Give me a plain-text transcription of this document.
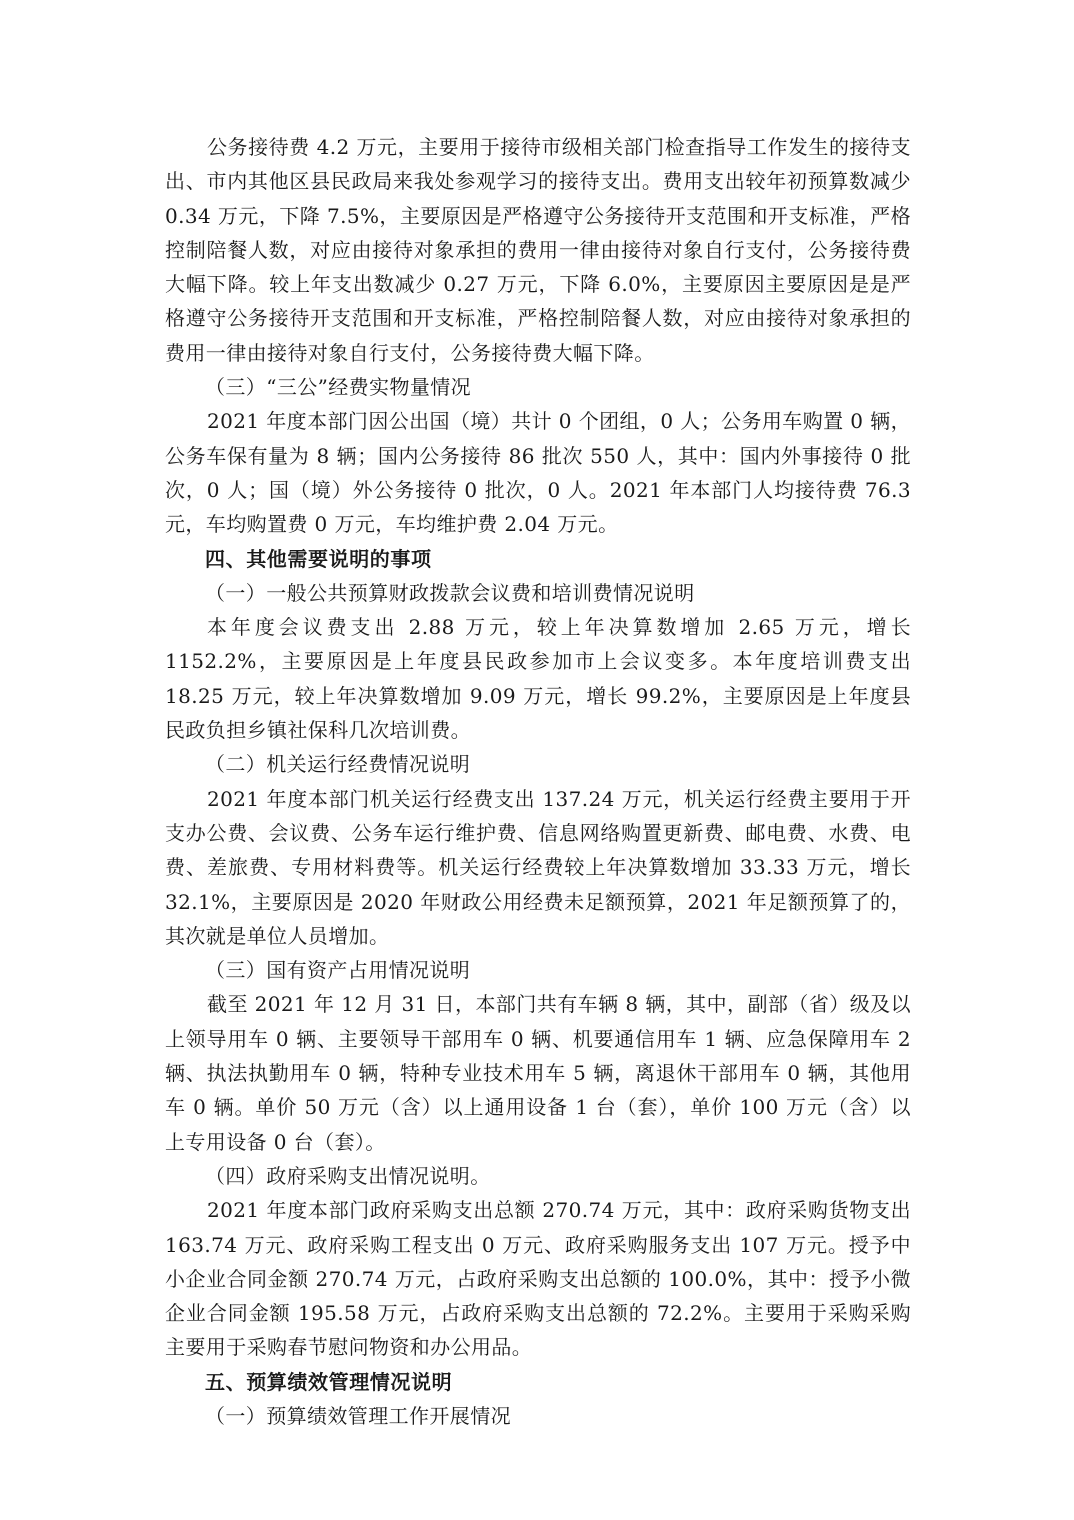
公务接待费 4.2 万元，主要用于接待市级相关部门检查指导工作发生的接待支出、市内其他区县民政局来我处参观学习的接待支出。费用支出较年初预算数减少 0.34 万元，下降 7.5%，主要原因是严格遵守公务接待开支范围和开支标准，严格控制陪餐人数，对应由接待对象承担的费用一律由接待对象自行支付，公务接待费大幅下降。较上年支出数减少 0.27 万元，下降 6.0%，主要原因主要原因是是严格遵守公务接待开支范围和开支标准，严格控制陪餐人数，对应由接待对象承担的费用一律由接待对象自行支付，公务接待费大幅下降。

（三）“三公”经费实物量情况

2021 年度本部门因公出国（境）共计 0 个团组，0 人；公务用车购置 0 辆，公务车保有量为 8 辆；国内公务接待 86 批次 550 人，其中：国内外事接待 0 批次，0 人；国（境）外公务接待 0 批次，0 人。2021 年本部门人均接待费 76.3 元，车均购置费 0 万元，车均维护费 2.04 万元。

四、其他需要说明的事项

（一）一般公共预算财政拨款会议费和培训费情况说明

本年度会议费支出 2.88 万元，较上年决算数增加 2.65 万元，增长 1152.2%，主要原因是上年度县民政参加市上会议变多。本年度培训费支出 18.25 万元，较上年决算数增加 9.09 万元，增长 99.2%，主要原因是上年度县民政负担乡镇社保科几次培训费。

（二）机关运行经费情况说明

2021 年度本部门机关运行经费支出 137.24 万元，机关运行经费主要用于开支办公费、会议费、公务车运行维护费、信息网络购置更新费、邮电费、水费、电费、差旅费、专用材料费等。机关运行经费较上年决算数增加 33.33 万元，增长 32.1%，主要原因是 2020 年财政公用经费未足额预算，2021 年足额预算了的，其次就是单位人员增加。

（三）国有资产占用情况说明

截至 2021 年 12 月 31 日，本部门共有车辆 8 辆，其中，副部（省）级及以上领导用车 0 辆、主要领导干部用车 0 辆、机要通信用车 1 辆、应急保障用车 2 辆、执法执勤用车 0 辆，特种专业技术用车 5 辆，离退休干部用车 0 辆，其他用车 0 辆。单价 50 万元（含）以上通用设备 1 台（套），单价 100 万元（含）以上专用设备 0 台（套）。

（四）政府采购支出情况说明。

2021 年度本部门政府采购支出总额 270.74 万元，其中：政府采购货物支出 163.74 万元、政府采购工程支出 0 万元、政府采购服务支出 107 万元。授予中小企业合同金额 270.74 万元，占政府采购支出总额的 100.0%，其中：授予小微企业合同金额 195.58 万元，占政府采购支出总额的 72.2%。主要用于采购采购主要用于采购春节慰问物资和办公用品。

五、预算绩效管理情况说明

（一）预算绩效管理工作开展情况
